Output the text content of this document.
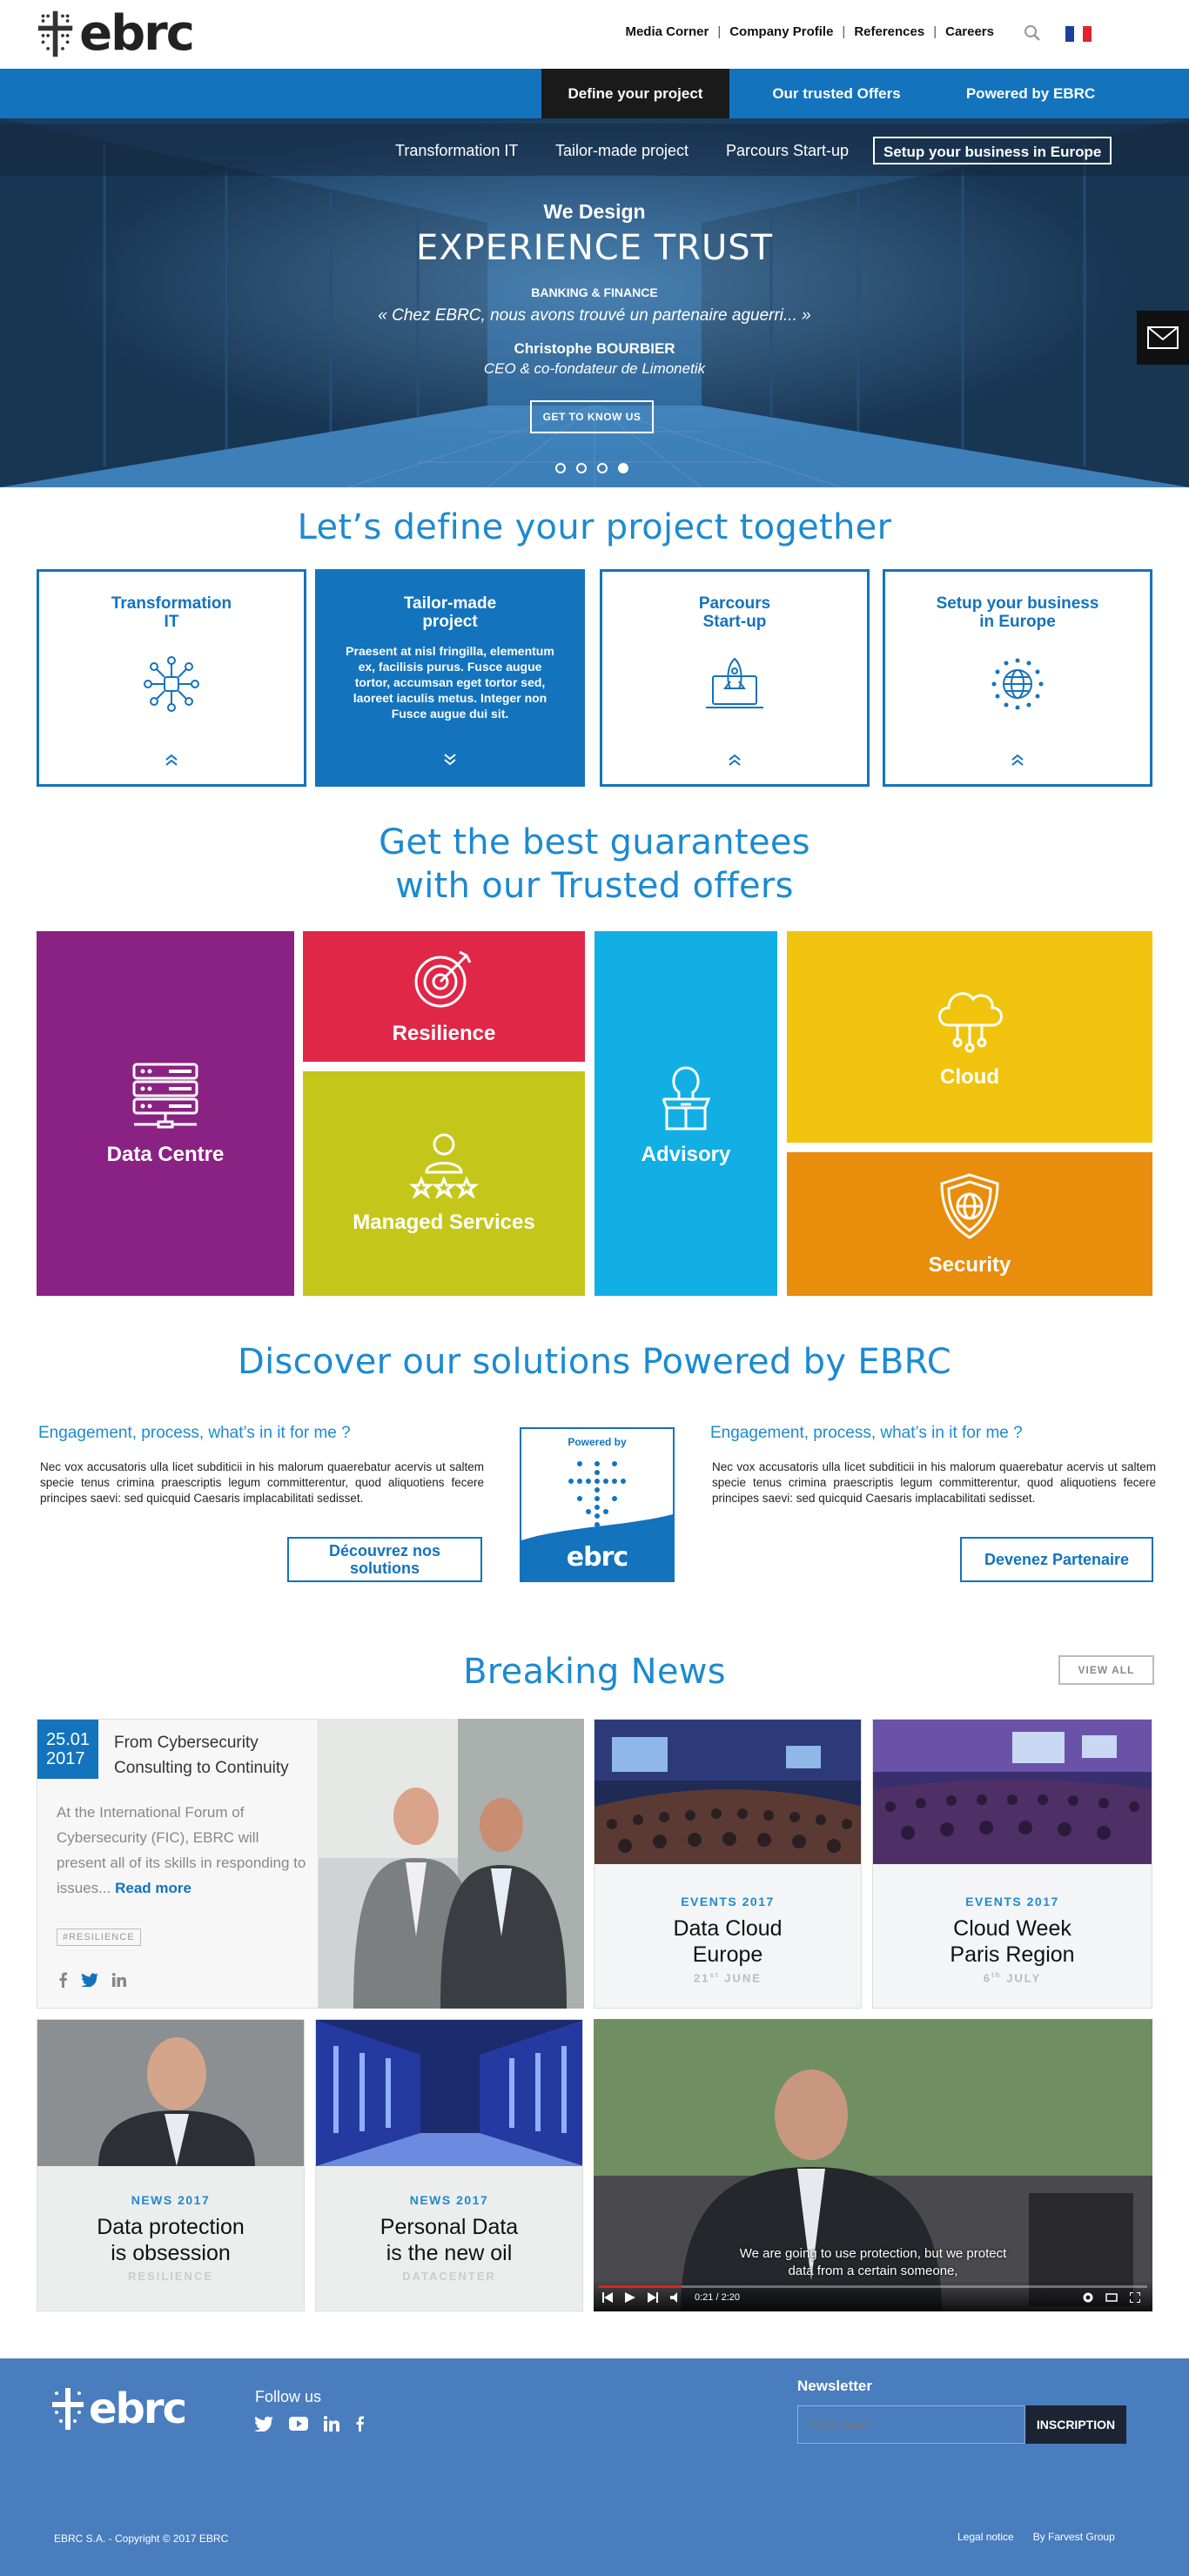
ebrc	Media Corner | Company Profile | References | Careers
Define your project	Our trusted Offers	Powered by EBRC
Transformation IT	Tailor-made project	Parcours Start-up	Setup your business in Europe
We Design
EXPERIENCE TRUST
BANKING & FINANCE
« Chez EBRC, nous avons trouvé un partenaire aguerri... »
Christophe BOURBIER
CEO & co-fondateur de Limonetik
GET TO KNOW US
Let’s define your project together
Transformation
IT
Tailor-made
project
Praesent at nisl fringilla, elementum ex, facilisis purus. Fusce augue tortor, accumsan eget tortor sed, laoreet iaculis metus. Integer non Fusce augue dui sit.
Parcours
Start-up
Setup your business
in Europe
Get the best guarantees
with our Trusted offers
Data Centre
Resilience
Managed Services
Advisory
Cloud
Security
Discover our solutions Powered by EBRC
Engagement, process, what’s in it for me ?
Nec vox accusatoris ulla licet subditicii in his malorum quaerebatur acervis ut saltem specie tenus crimina praescriptis legum committerentur, quod aliquotiens fecere principes saevi: sed quicquid Caesaris implacabilitati sedisset.
Découvrez nos
solutions
Powered by
ebrc
Engagement, process, what’s in it for me ?
Nec vox accusatoris ulla licet subditicii in his malorum quaerebatur acervis ut saltem specie tenus crimina praescriptis legum committerentur, quod aliquotiens fecere principes saevi: sed quicquid Caesaris implacabilitati sedisset.
Devenez Partenaire
Breaking News	VIEW ALL
25.01
2017
From Cybersecurity
Consulting to Continuity
At the International Forum of Cybersecurity (FIC), EBRC will present all of its skills in responding to issues... Read more
#RESILIENCE
EVENTS 2017
Data Cloud
Europe
21st JUNE
EVENTS 2017
Cloud Week
Paris Region
6th JULY
NEWS 2017
Data protection
is obsession
RESILIENCE
NEWS 2017
Personal Data
is the new oil
DATACENTER
We are going to use protection, but we protect
data from a certain someone,
0:21 / 2:20
ebrc	Follow us
Newsletter
Votre email
INSCRIPTION
EBRC S.A. - Copyright © 2017 EBRC	Legal notice By Farvest Group
